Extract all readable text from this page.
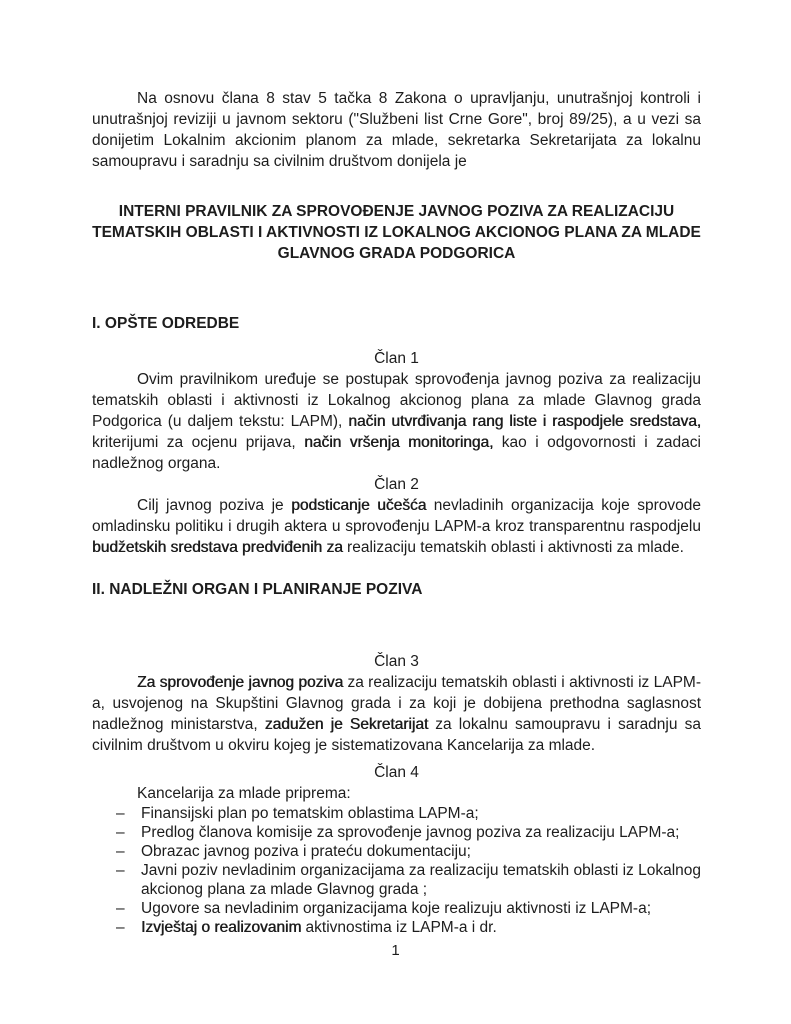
Na osnovu člana 8 stav 5 tačka 8 Zakona o upravljanju, unutrašnjoj kontroli i unutrašnjoj reviziji u javnom sektoru ("Službeni list Crne Gore", broj 89/25), a u vezi sa donijetim Lokalnim akcionim planom za mlade, sekretarka Sekretarijata za lokalnu samoupravu i saradnju sa civilnim društvom donijela je

INTERNI PRAVILNIK ZA SPROVOĐENJE JAVNOG POZIVA ZA REALIZACIJU TEMATSKIH OBLASTI I AKTIVNOSTI IZ LOKALNOG AKCIONOG PLANA ZA MLADE GLAVNOG GRADA PODGORICA
I. OPŠTE ODREDBE
Član 1

Ovim pravilnikom uređuje se postupak sprovođenja javnog poziva za realizaciju tematskih oblasti i aktivnosti iz Lokalnog akcionog plana za mlade Glavnog grada Podgorica (u daljem tekstu: LAPM), način utvrđivanja rang liste i raspodjele sredstava, kriterijumi za ocjenu prijava, način vršenja monitoringa, kao i odgovornosti i zadaci nadležnog organa.

Član 2

Cilj javnog poziva je podsticanje učešća nevladinih organizacija koje sprovode omladinsku politiku i drugih aktera u sprovođenju LAPM-a kroz transparentnu raspodjelu budžetskih sredstava predviđenih za realizaciju tematskih oblasti i aktivnosti za mlade.

II. NADLEŽNI ORGAN I PLANIRANJE POZIVA
Član 3

Za sprovođenje javnog poziva za realizaciju tematskih oblasti i aktivnosti iz LAPM-a, usvojenog na Skupštini Glavnog grada i za koji je dobijena prethodna saglasnost nadležnog ministarstva, zadužen je Sekretarijat za lokalnu samoupravu i saradnju sa civilnim društvom u okviru kojeg je sistematizovana Kancelarija za mlade.

Član 4

Kancelarija za mlade priprema:

– Finansijski plan po tematskim oblastima LAPM-a;
– Predlog članova komisije za sprovođenje javnog poziva za realizaciju LAPM-a;
– Obrazac javnog poziva i prateću dokumentaciju;
– Javni poziv nevladinim organizacijama za realizaciju tematskih oblasti iz Lokalnog akcionog plana za mlade Glavnog grada ;
– Ugovore sa nevladinim organizacijama koje realizuju aktivnosti iz LAPM-a;
– Izvještaj o realizovanim aktivnostima iz LAPM-a i dr.
1
